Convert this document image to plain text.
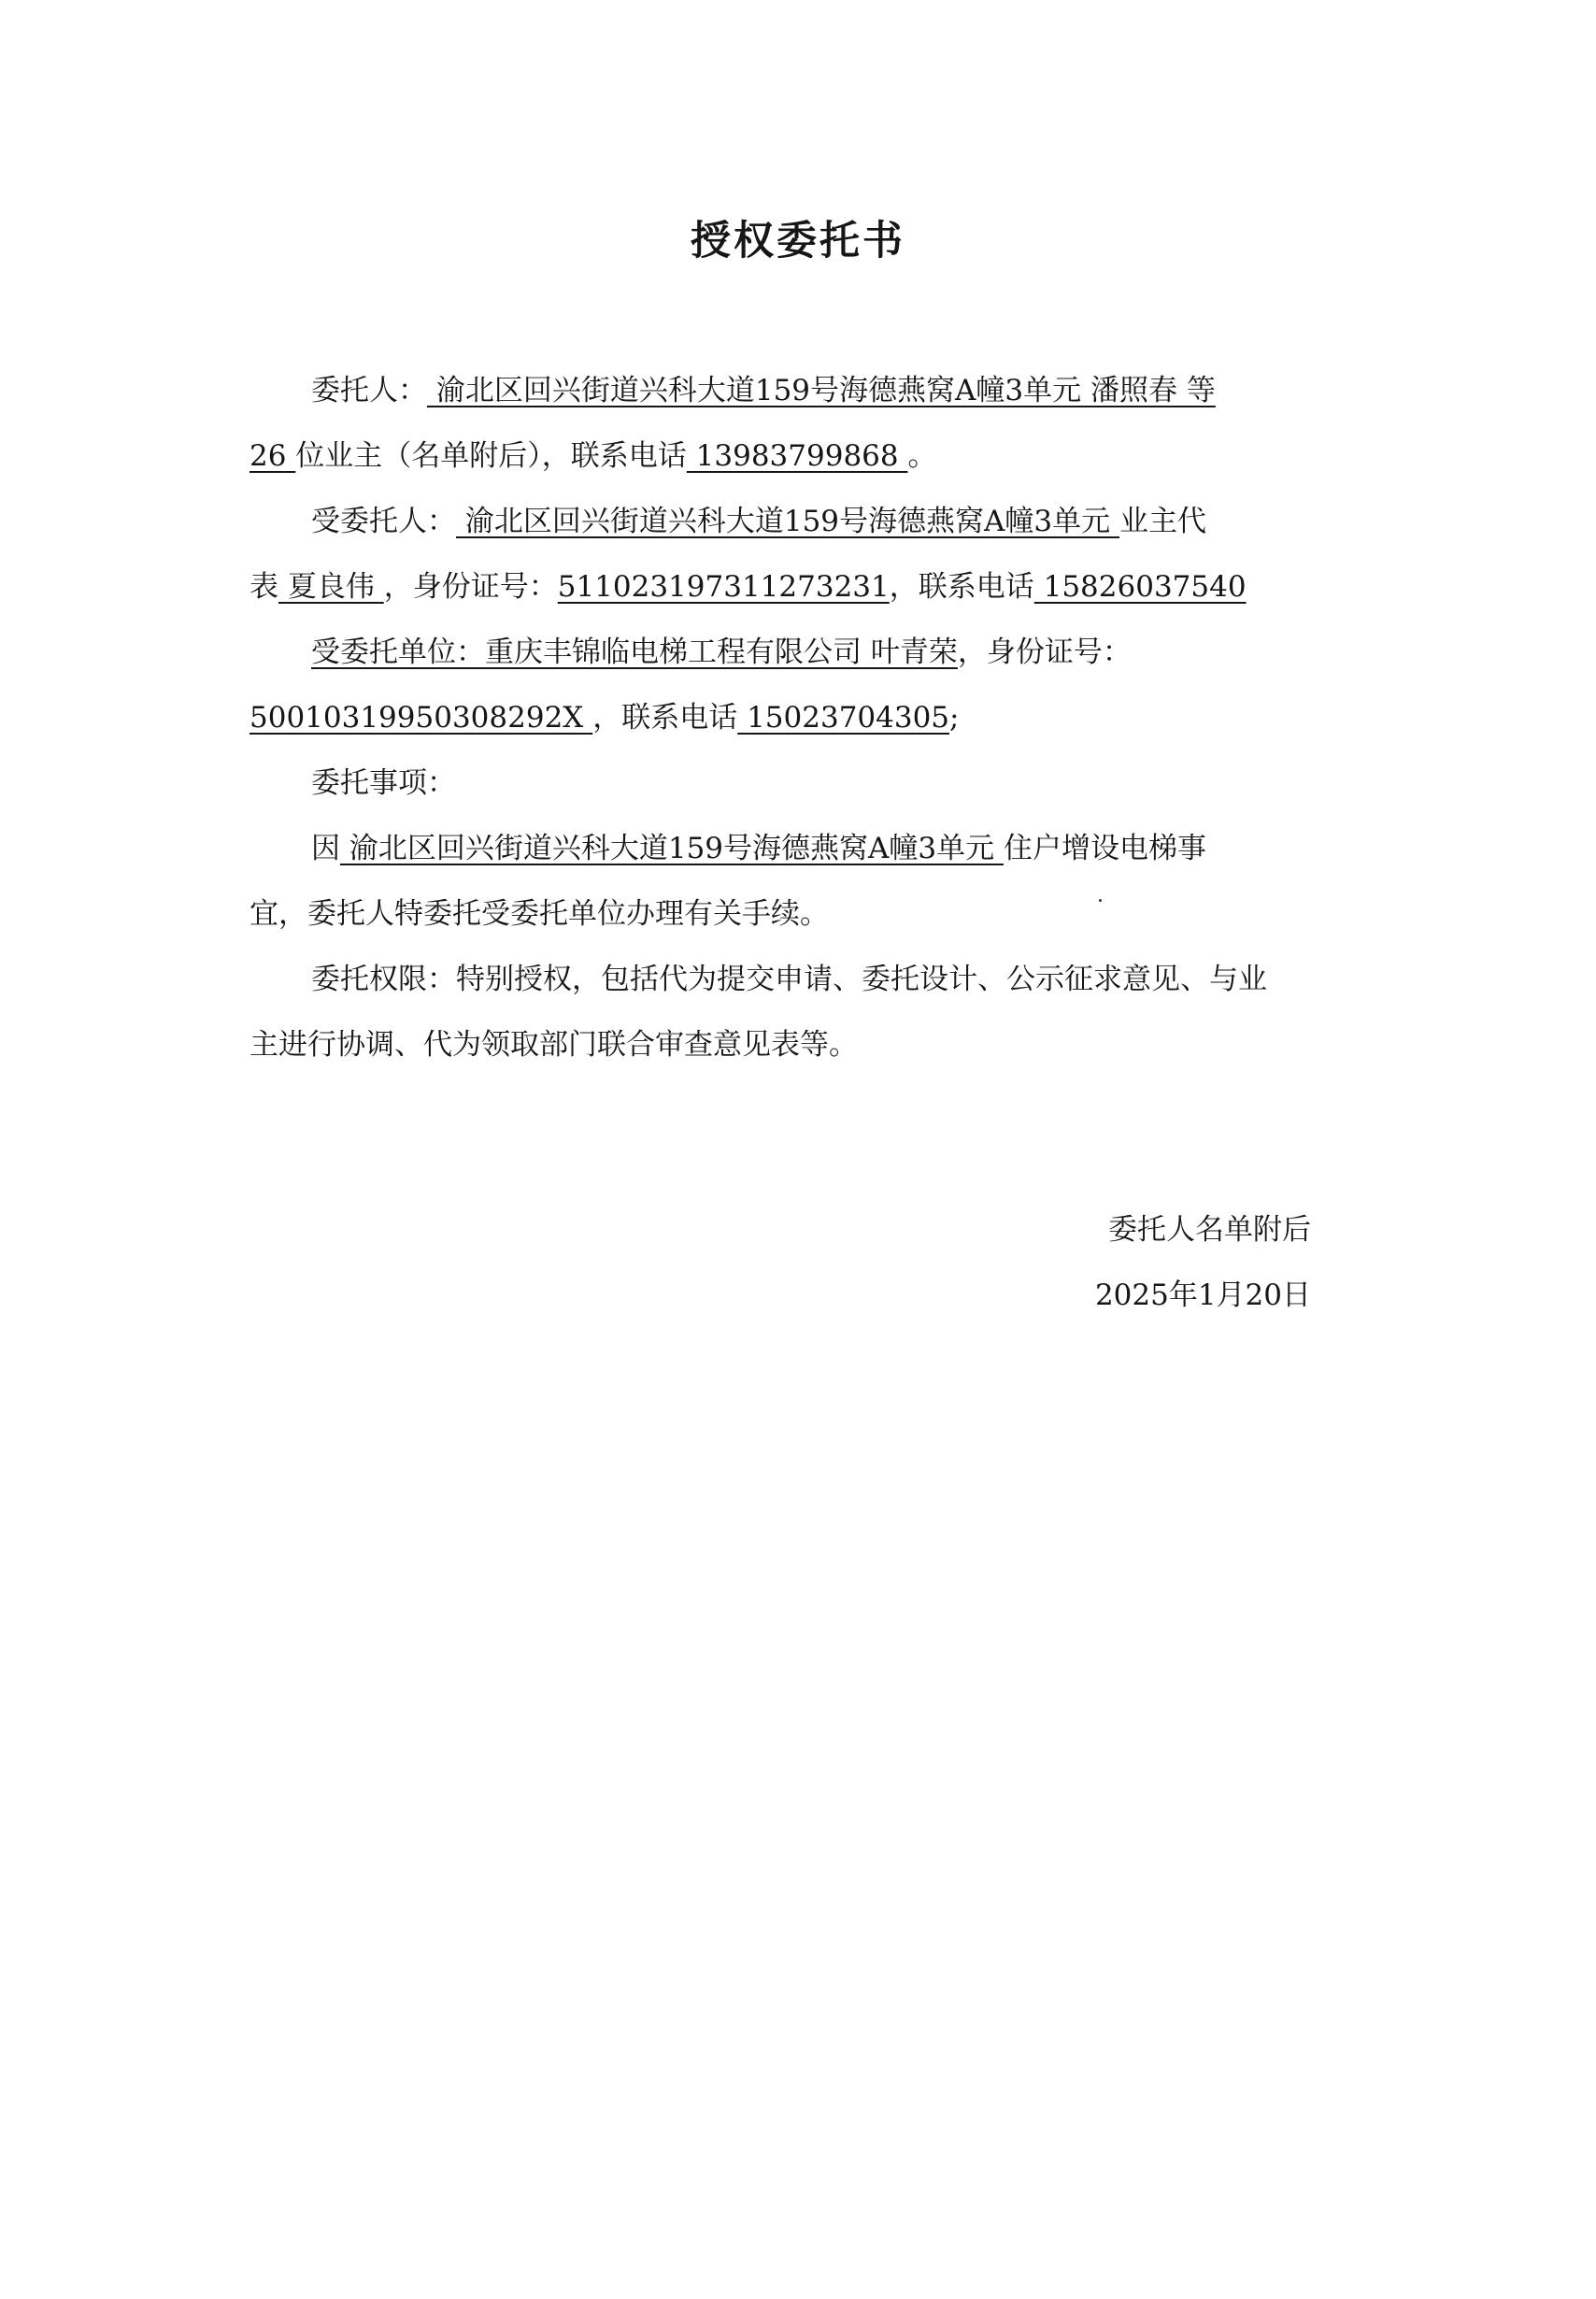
授权委托书
委托人： 渝北区回兴街道兴科大道159号海德燕窝A幢3单元 潘照春 等
26 位业主（名单附后），联系电话 13983799868 。
受委托人： 渝北区回兴街道兴科大道159号海德燕窝A幢3单元 业主代
表 夏良伟 ，身份证号：511023197311273231，联系电话 15826037540
受委托单位：重庆丰锦临电梯工程有限公司 叶青荣，身份证号：
50010319950308292X ，联系电话 15023704305;
委托事项：
因 渝北区回兴街道兴科大道159号海德燕窝A幢3单元 住户增设电梯事
宜，委托人特委托受委托单位办理有关手续。
委托权限：特别授权，包括代为提交申请、委托设计、公示征求意见、与业
主进行协调、代为领取部门联合审查意见表等。
委托人名单附后
2025年1月20日
